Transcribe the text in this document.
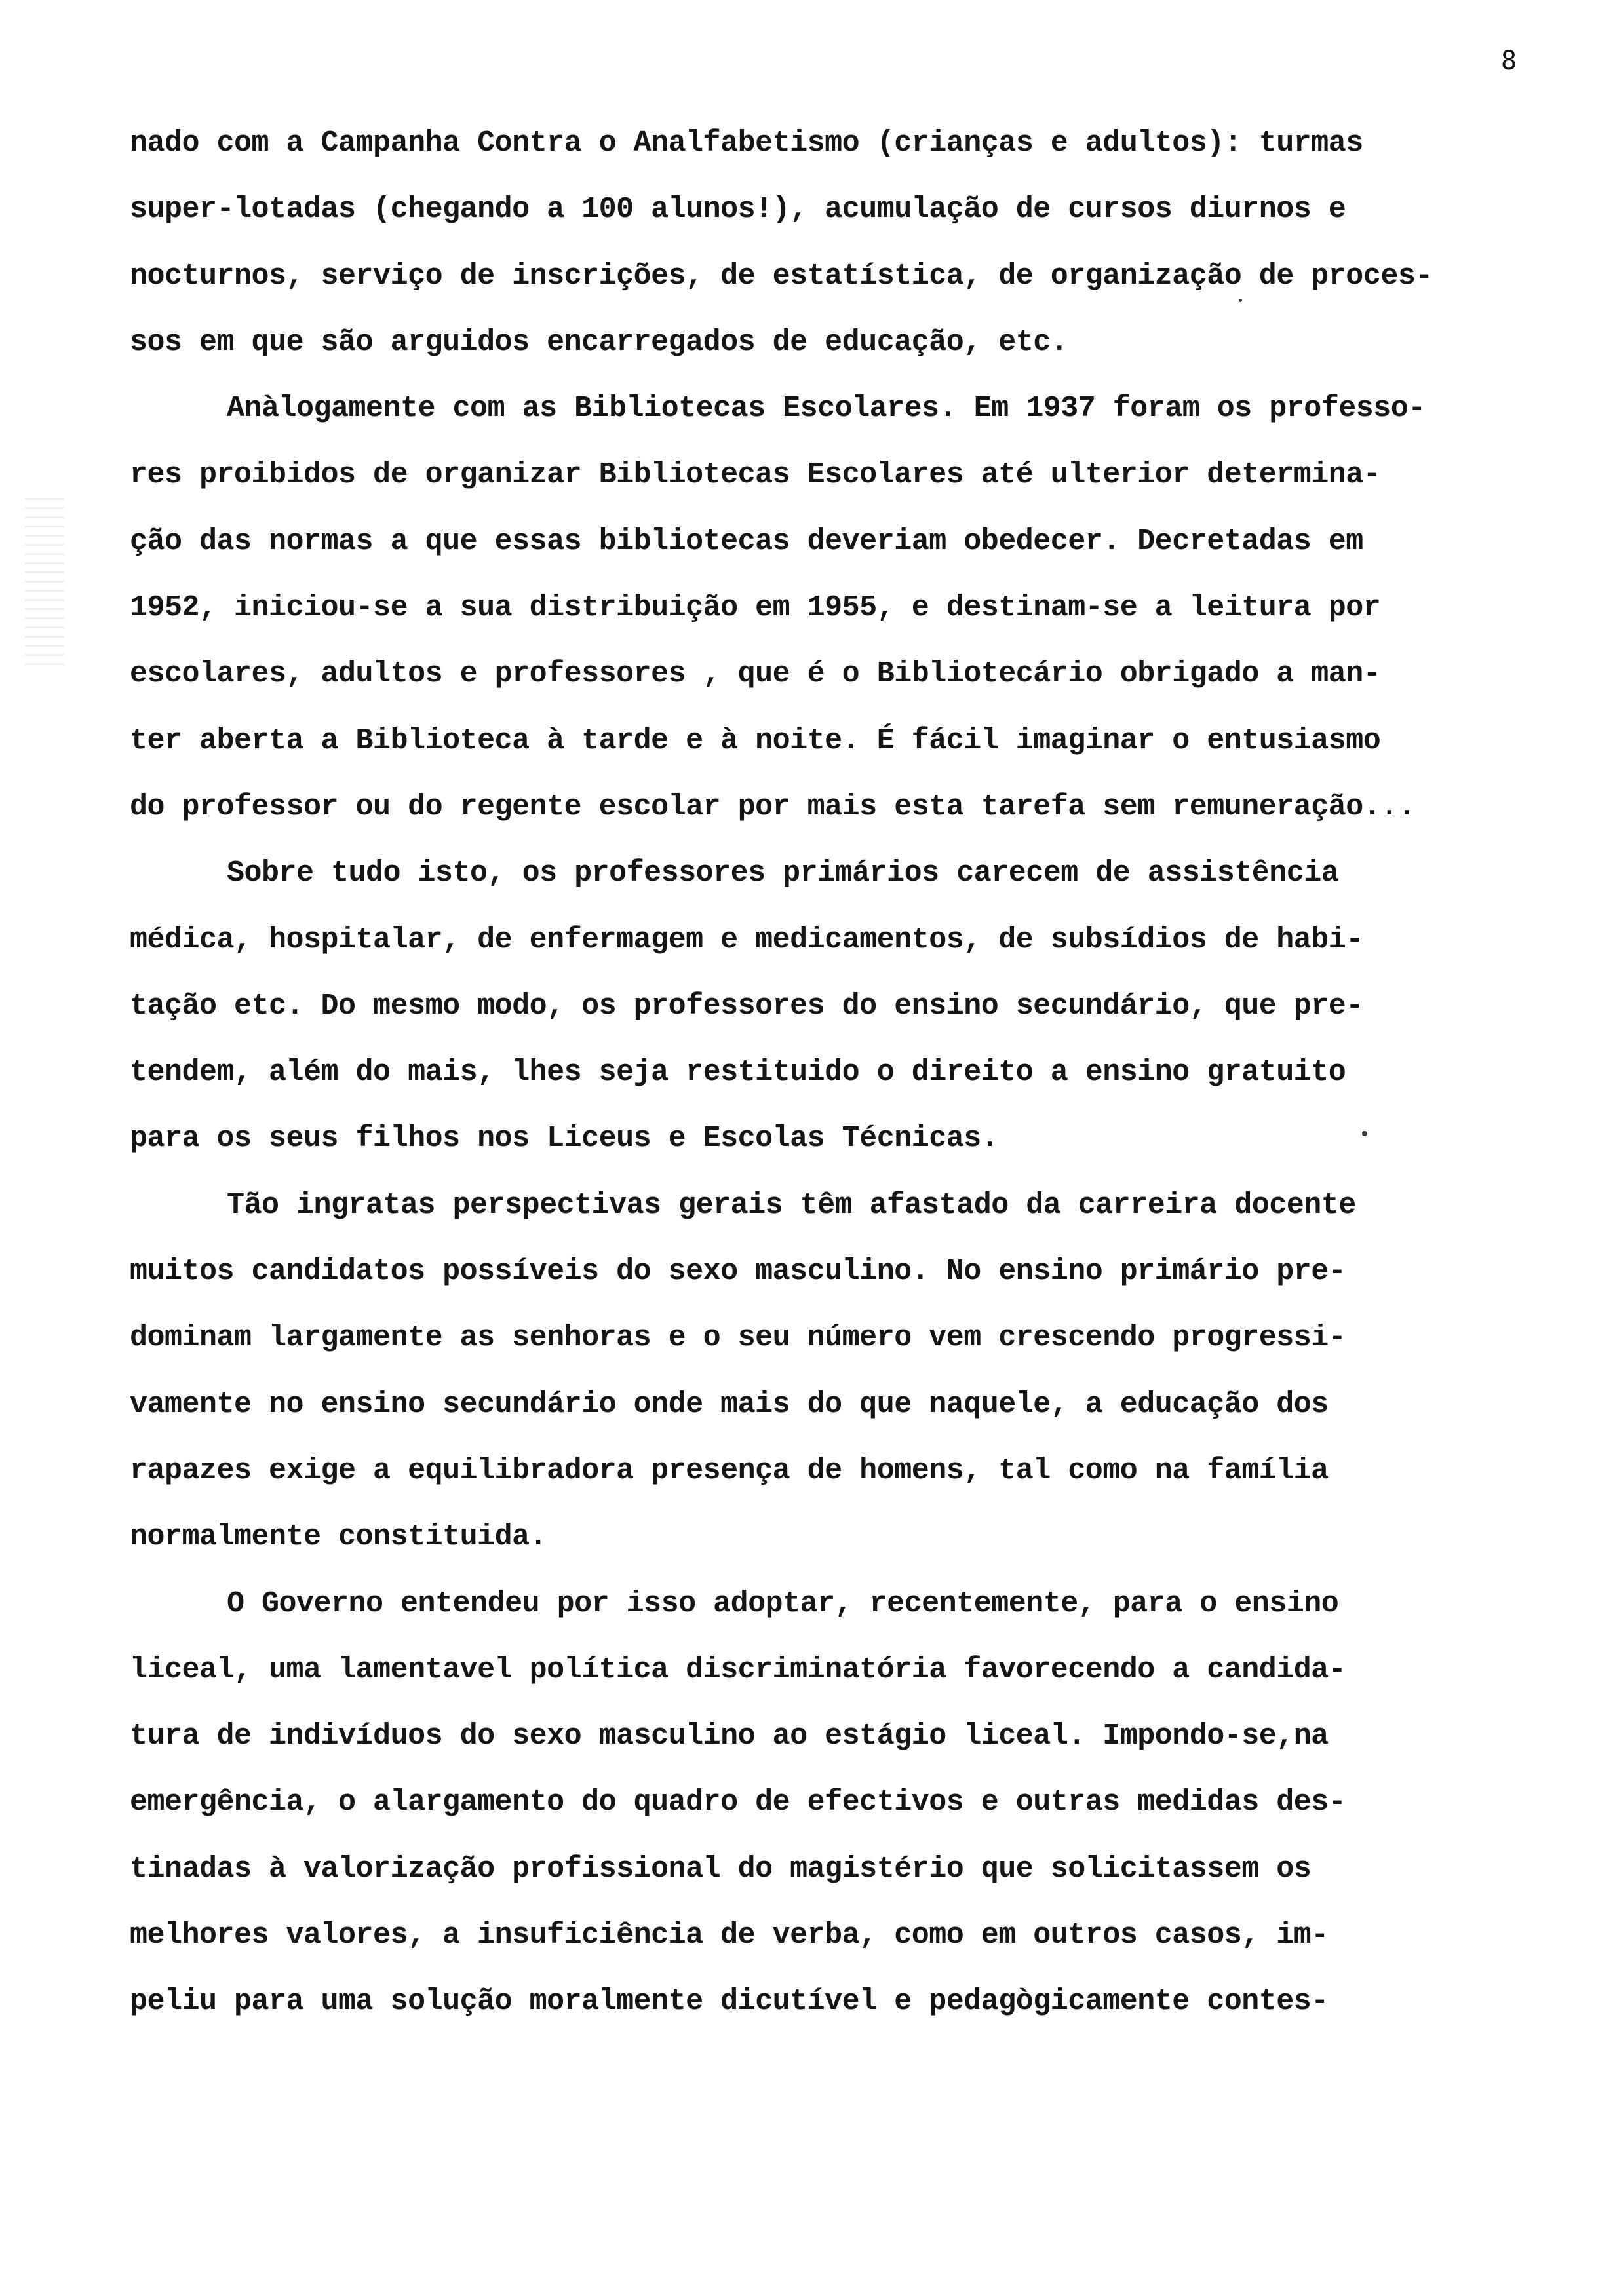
8
nado com a Campanha Contra o Analfabetismo (crianças e adultos): turmas
super-lotadas (chegando a 100 alunos!), acumulação de cursos diurnos e
nocturnos, serviço de inscrições, de estatística, de organização de proces-
sos em que são arguidos encarregados de educação, etc.
Anàlogamente com as Bibliotecas Escolares. Em 1937 foram os professo-
res proibidos de organizar Bibliotecas Escolares até ulterior determina-
ção das normas a que essas bibliotecas deveriam obedecer. Decretadas em
1952, iniciou-se a sua distribuição em 1955, e destinam-se a leitura por
escolares, adultos e professores , que é o Bibliotecário obrigado a man-
ter aberta a Biblioteca à tarde e à noite. É fácil imaginar o entusiasmo
do professor ou do regente escolar por mais esta tarefa sem remuneração...
Sobre tudo isto, os professores primários carecem de assistência
médica, hospitalar, de enfermagem e medicamentos, de subsídios de habi-
tação etc. Do mesmo modo, os professores do ensino secundário, que pre-
tendem, além do mais, lhes seja restituido o direito a ensino gratuito
para os seus filhos nos Liceus e Escolas Técnicas.
Tão ingratas perspectivas gerais têm afastado da carreira docente
muitos candidatos possíveis do sexo masculino. No ensino primário pre-
dominam largamente as senhoras e o seu número vem crescendo progressi-
vamente no ensino secundário onde mais do que naquele, a educação dos
rapazes exige a equilibradora presença de homens, tal como na família
normalmente constituida.
O Governo entendeu por isso adoptar, recentemente, para o ensino
liceal, uma lamentavel política discriminatória favorecendo a candida-
tura de indivíduos do sexo masculino ao estágio liceal. Impondo-se,na
emergência, o alargamento do quadro de efectivos e outras medidas des-
tinadas à valorização profissional do magistério que solicitassem os
melhores valores, a insuficiência de verba, como em outros casos, im-
peliu para uma solução moralmente dicutível e pedagògicamente contes-
